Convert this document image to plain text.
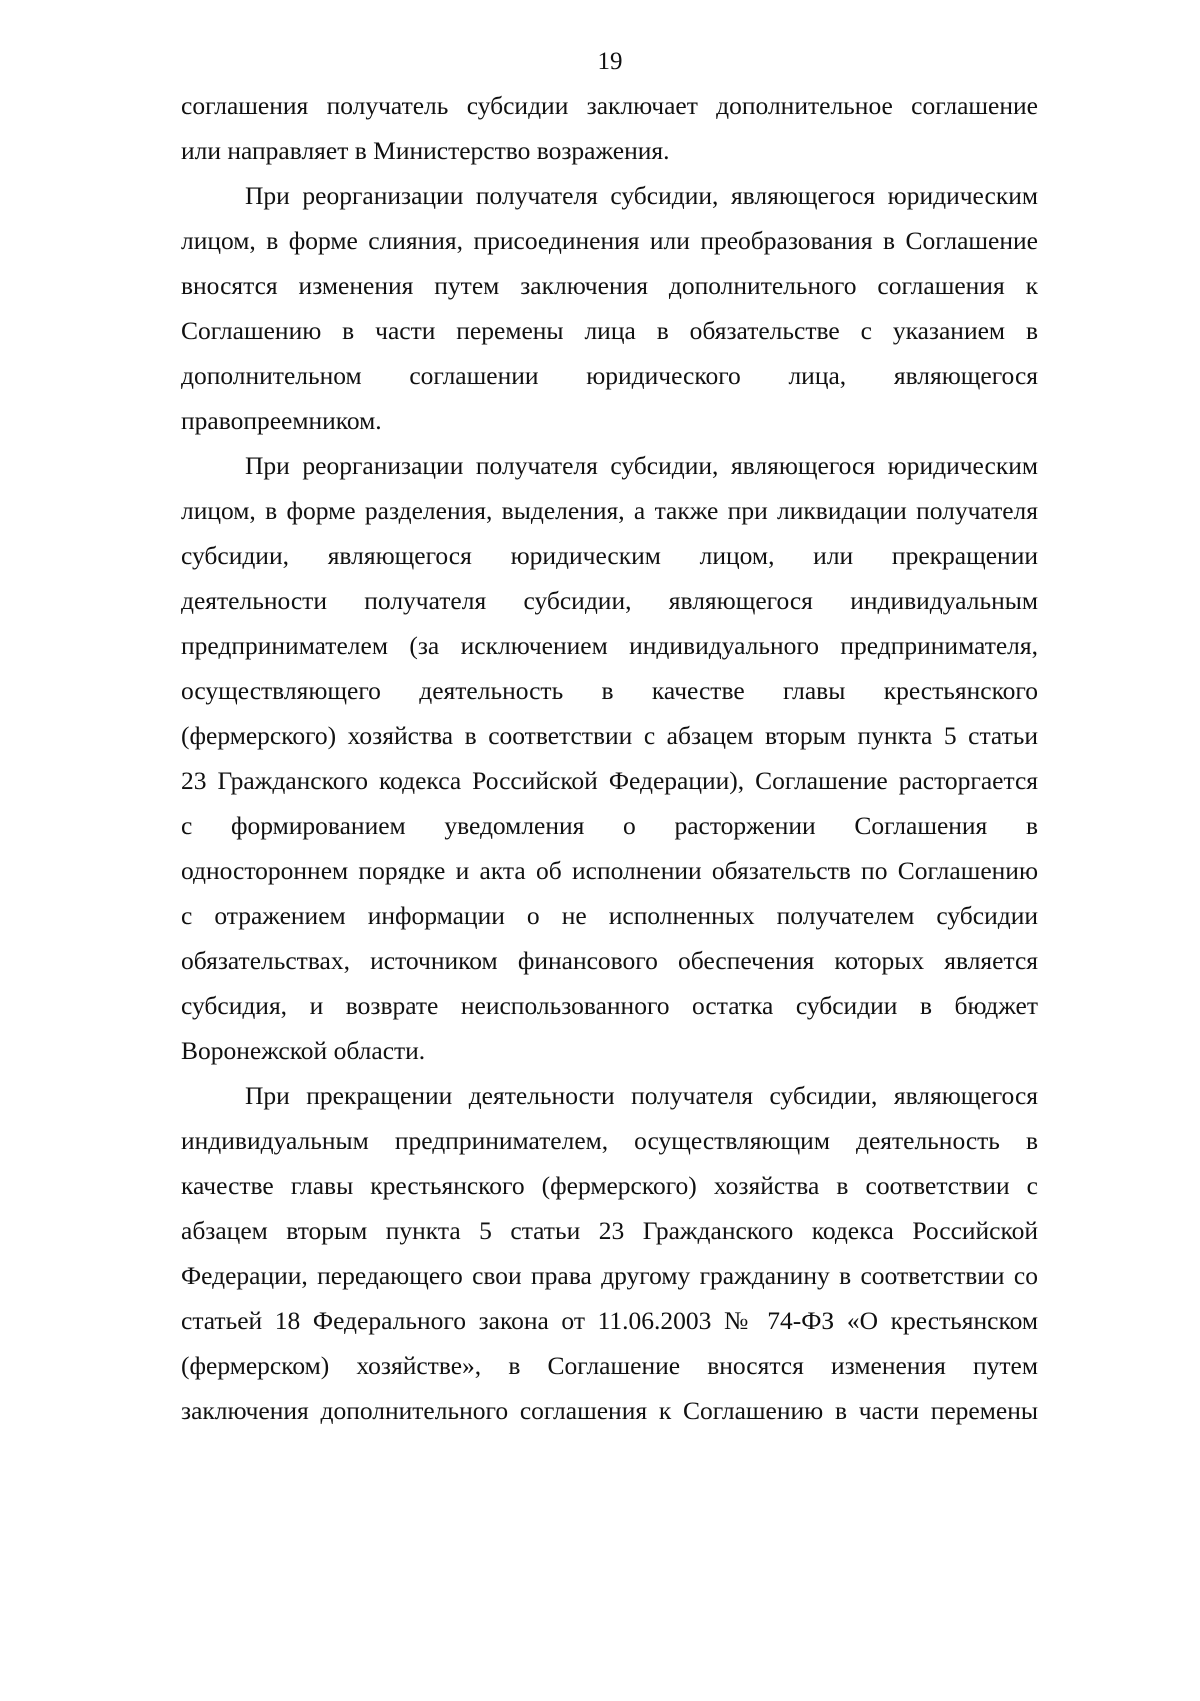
19
соглашения получатель субсидии заключает дополнительное соглашение
или направляет в Министерство возражения.
При реорганизации получателя субсидии, являющегося юридическим
лицом, в форме слияния, присоединения или преобразования в Соглашение
вносятся изменения путем заключения дополнительного соглашения к
Соглашению в части перемены лица в обязательстве с указанием в
дополнительном соглашении юридического лица, являющегося
правопреемником.
При реорганизации получателя субсидии, являющегося юридическим
лицом, в форме разделения, выделения, а также при ликвидации получателя
субсидии, являющегося юридическим лицом, или прекращении
деятельности получателя субсидии, являющегося индивидуальным
предпринимателем (за исключением индивидуального предпринимателя,
осуществляющего деятельность в качестве главы крестьянского
(фермерского) хозяйства в соответствии с абзацем вторым пункта 5 статьи
23 Гражданского кодекса Российской Федерации), Соглашение расторгается
с формированием уведомления о расторжении Соглашения в
одностороннем порядке и акта об исполнении обязательств по Соглашению
с отражением информации о не исполненных получателем субсидии
обязательствах, источником финансового обеспечения которых является
субсидия, и возврате неиспользованного остатка субсидии в бюджет
Воронежской области.
При прекращении деятельности получателя субсидии, являющегося
индивидуальным предпринимателем, осуществляющим деятельность в
качестве главы крестьянского (фермерского) хозяйства в соответствии с
абзацем вторым пункта 5 статьи 23 Гражданского кодекса Российской
Федерации, передающего свои права другому гражданину в соответствии со
статьей 18 Федерального закона от 11.06.2003 № 74-ФЗ «О крестьянском
(фермерском) хозяйстве», в Соглашение вносятся изменения путем
заключения дополнительного соглашения к Соглашению в части перемены
